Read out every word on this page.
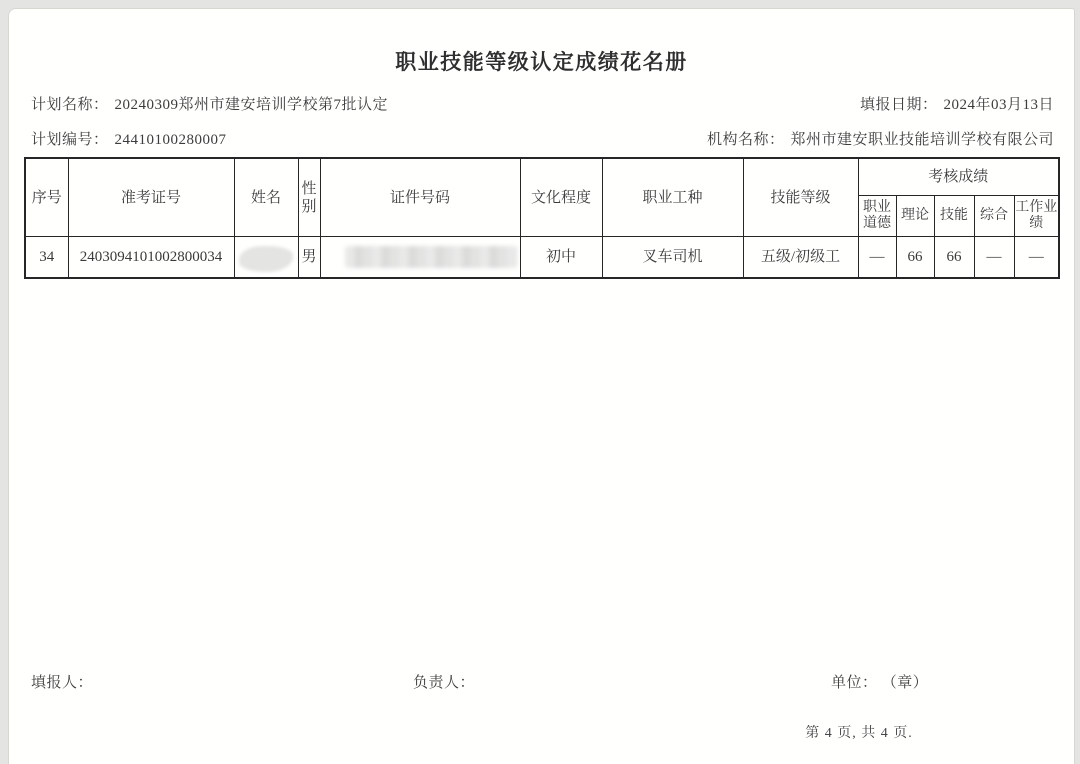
职业技能等级认定成绩花名册
计划名称： 20240309郑州市建安培训学校第7批认定	填报日期： 2024年03月13日
计划编号： 24410100280007	机构名称： 郑州市建安职业技能培训学校有限公司
序号	准考证号	姓名	性别	证件号码	文化程度	职业工种	技能等级	考核成绩				
								职业道德	理论	技能	综合	工作业绩
34	2403094101002800034		男		初中	叉车司机	五级/初级工	—	66	66	—	—
填报人：	负责人：	单位： （章）
第 4 页, 共 4 页.
